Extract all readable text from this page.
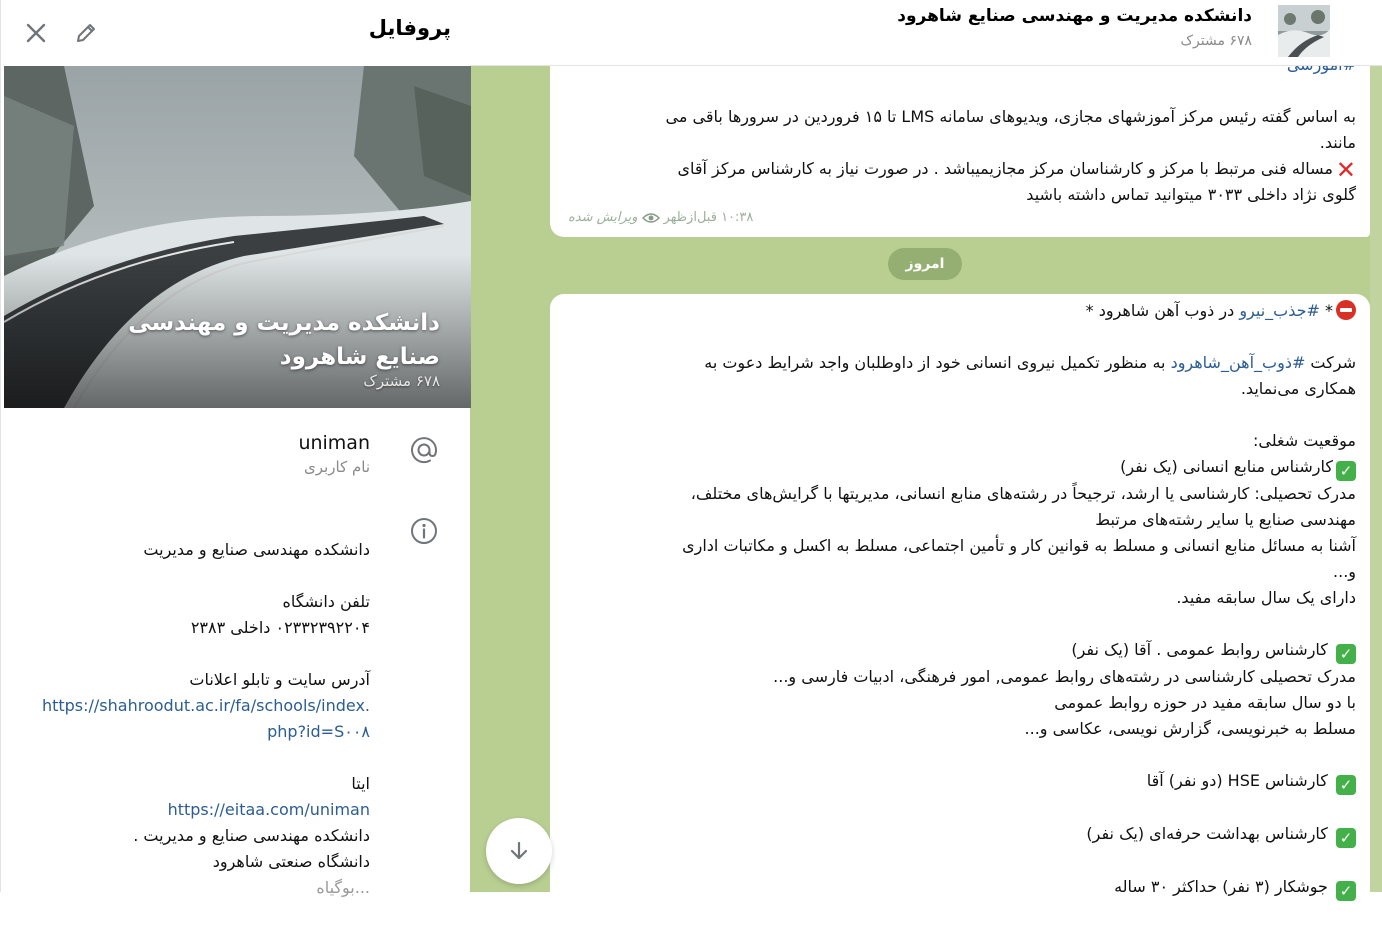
دانشکده مدیریت و مهندسی صنایع شاهرود
۶۷۸ مشترک
به اساس گفته رئیس مرکز آموزشهای مجازی، ویدیوهای سامانه LMS تا ۱۵ فروردین در سرورها باقی می
مانند.
✕مساله فنی مرتبط با مرکز و کارشناسان مرکز مجازیمیباشد . در صورت نیاز به کارشناس مرکز آقای
گلوی نژاد داخلی ۳۰۳۳ میتوانید تماس داشته باشید
۱۰:۳۸ قبل‌ازظهر
ویرایش شده
امروز
* #جذب_نیرو در ذوب آهن شاهرود *
شرکت #ذوب_آهن_شاهرود به منظور تکمیل نیروی انسانی خود از داوطلبان واجد شرایط دعوت به
همکاری می‌نماید.
موقعیت شغلی:
✓کارشناس منابع انسانی (یک نفر)
مدرک تحصیلی: کارشناسی یا ارشد، ترجیحاً در رشته‌های منابع انسانی، مدیریتها با گرایش‌های مختلف،
مهندسی صنایع یا سایر رشته‌های مرتبط
آشنا به مسائل منابع انسانی و مسلط به قوانین کار و تأمین اجتماعی، مسلط به اکسل و مکاتبات اداری
و...
دارای یک سال سابقه مفید.
✓ کارشناس روابط عمومی . آقا (یک نفر)
مدرک تحصیلی کارشناسی در رشته‌های روابط عمومی, امور فرهنگی، ادبیات فارسی و...
با دو سال سابقه مفید در حوزه روابط عمومی
مسلط به خبرنویسی، گزارش نویسی، عکاسی و...
✓ کارشناس HSE (دو نفر) آقا
✓ کارشناس بهداشت حرفه‌ای (یک نفر)
✓ جوشکار (۳ نفر) حداکثر ۳۰ ساله
پروفایل
دانشکده مدیریت و مهندسی صنایع شاهرود
۶۷۸ مشترک
uniman
نام کاربری
دانشکده مهندسی صنایع و مدیریت
تلفن دانشگاه
۰۲۳۳۲۳۹۲۲۰۴ داخلی ۲۳۸۳
آدرس سایت و تابلو اعلانات
https://shahroodut.ac.ir/fa/schools/index.php?id=S۰۰۸
ایتا
https://eitaa.com/uniman
دانشکده مهندسی صنایع و مدیریت .
دانشگاه صنعتی شاهرود
...بوگیاه
